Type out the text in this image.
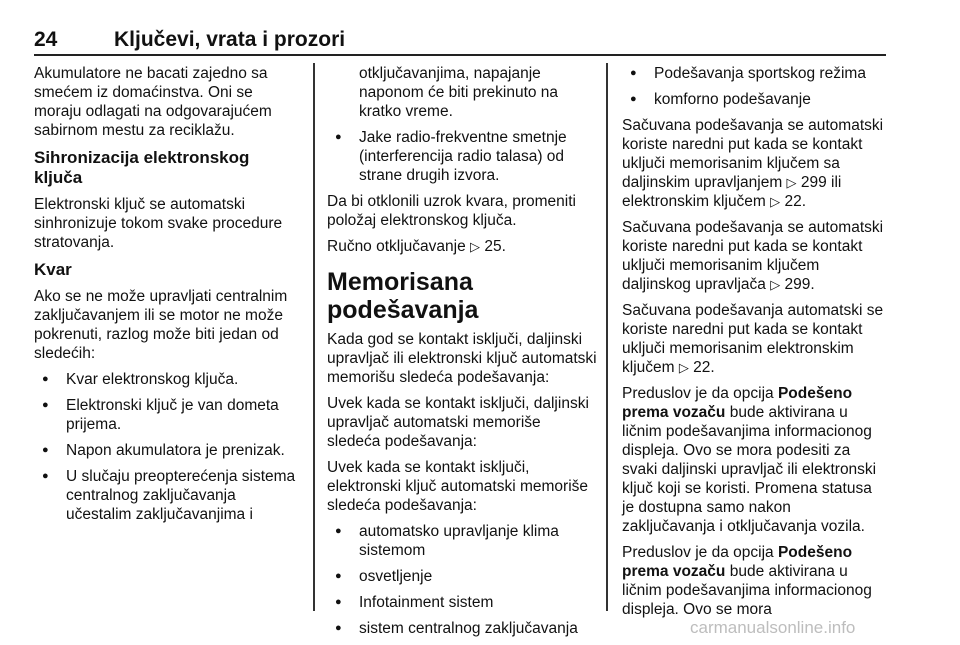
24	Ključevi, vrata i prozori

Akumulatore ne bacati zajedno sa smećem iz domaćinstva. Oni se moraju odlagati na odgovarajućem sabirnom mestu za reciklažu.

Sihronizacija elektronskog ključa

Elektronski ključ se automatski sinhronizuje tokom svake procedure stratovanja.

Kvar

Ako se ne može upravljati centralnim zaključavanjem ili se motor ne može pokrenuti, razlog može biti jedan od sledećih:

● Kvar elektronskog ključa.
● Elektronski ključ je van dometa prijema.
● Napon akumulatora je prenizak.
● U slučaju preopterećenja sistema centralnog zaključavanja učestalim zaključavanjima i

otključavanjima, napajanje naponom će biti prekinuto na kratko vreme.

● Jake radio-frekventne smetnje (interferencija radio talasa) od strane drugih izvora.

Da bi otklonili uzrok kvara, promeniti položaj elektronskog ključa.

Ručno otključavanje ▷ 25.

Memorisana podešavanja

Kada god se kontakt isključi, daljinski upravljač ili elektronski ključ automatski memorišu sledeća podešavanja:

Uvek kada se kontakt isključi, daljinski upravljač automatski memoriše sledeća podešavanja:

Uvek kada se kontakt isključi, elektronski ključ automatski memoriše sledeća podešavanja:

● automatsko upravljanje klima sistemom
● osvetljenje
● Infotainment sistem
● sistem centralnog zaključavanja
● Podešavanja sportskog režima
● komforno podešavanje

Sačuvana podešavanja se automatski koriste naredni put kada se kontakt uključi memorisanim ključem sa daljinskim upravljanjem ▷ 299 ili elektronskim ključem ▷ 22.

Sačuvana podešavanja se automatski koriste naredni put kada se kontakt uključi memorisanim ključem daljinskog upravljača ▷ 299.

Sačuvana podešavanja automatski se koriste naredni put kada se kontakt uključi memorisanim elektronskim ključem ▷ 22.

Preduslov je da opcija Podešeno prema vozaču bude aktivirana u ličnim podešavanjima informacionog displeja. Ovo se mora podesiti za svaki daljinski upravljač ili elektronski ključ koji se koristi. Promena statusa je dostupna samo nakon zaključavanja i otključavanja vozila.

Preduslov je da opcija Podešeno prema vozaču bude aktivirana u ličnim podešavanjima informacionog displeja. Ovo se mora

carmanualsonline.info
